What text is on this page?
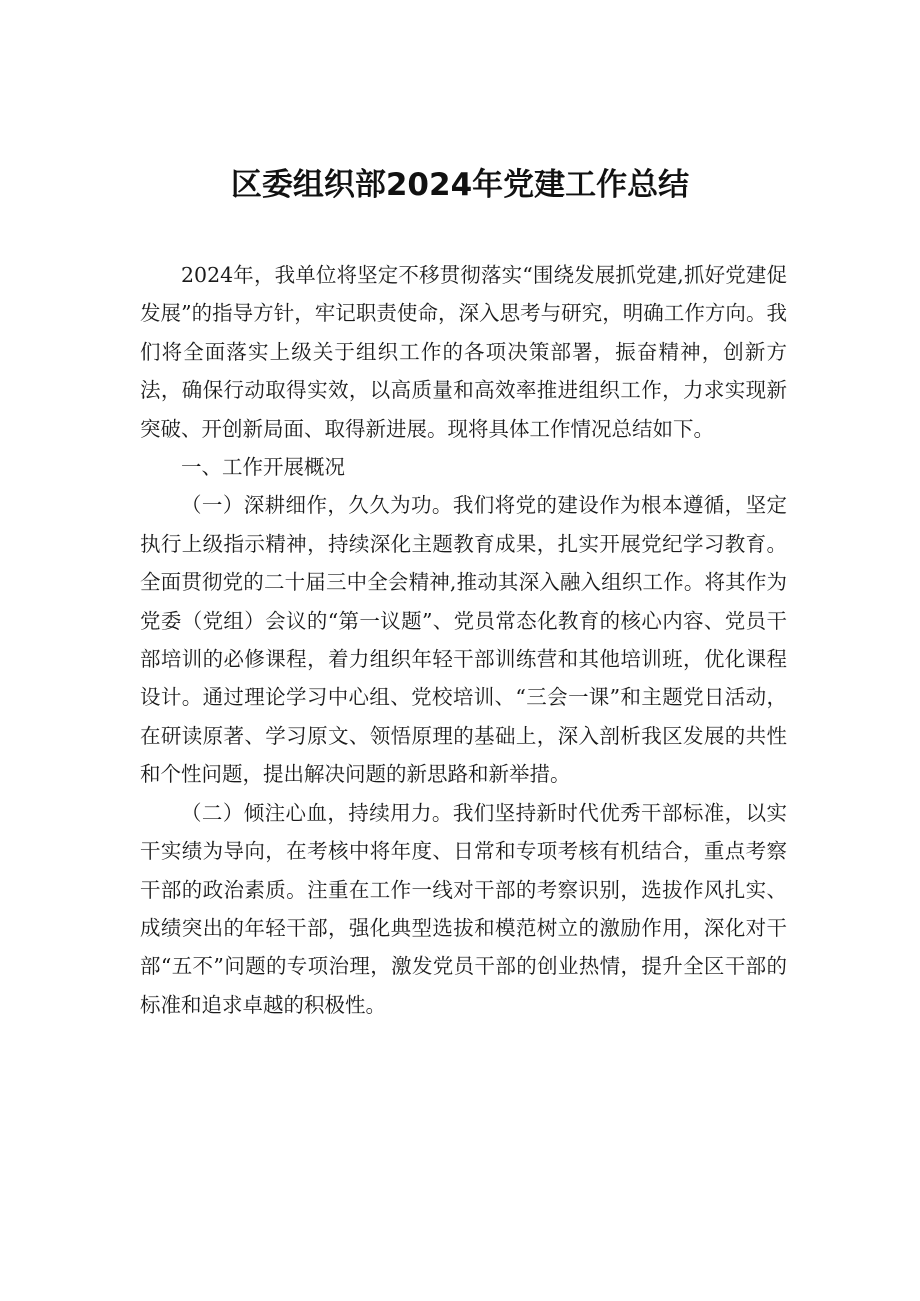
区委组织部2024年党建工作总结

2024年，我单位将坚定不移贯彻落实“围绕发展抓党建,抓好党建促发展”的指导方针，牢记职责使命，深入思考与研究，明确工作方向。我们将全面落实上级关于组织工作的各项决策部署，振奋精神，创新方法，确保行动取得实效，以高质量和高效率推进组织工作，力求实现新突破、开创新局面、取得新进展。现将具体工作情况总结如下。

一、工作开展概况

（一）深耕细作，久久为功。我们将党的建设作为根本遵循，坚定执行上级指示精神，持续深化主题教育成果，扎实开展党纪学习教育。全面贯彻党的二十届三中全会精神,推动其深入融入组织工作。将其作为党委（党组）会议的“第一议题”、党员常态化教育的核心内容、党员干部培训的必修课程，着力组织年轻干部训练营和其他培训班，优化课程设计。通过理论学习中心组、党校培训、“三会一课”和主题党日活动，在研读原著、学习原文、领悟原理的基础上，深入剖析我区发展的共性和个性问题，提出解决问题的新思路和新举措。

（二）倾注心血，持续用力。我们坚持新时代优秀干部标准，以实干实绩为导向，在考核中将年度、日常和专项考核有机结合，重点考察干部的政治素质。注重在工作一线对干部的考察识别，选拔作风扎实、成绩突出的年轻干部，强化典型选拔和模范树立的激励作用，深化对干部“五不”问题的专项治理，激发党员干部的创业热情，提升全区干部的标准和追求卓越的积极性。
